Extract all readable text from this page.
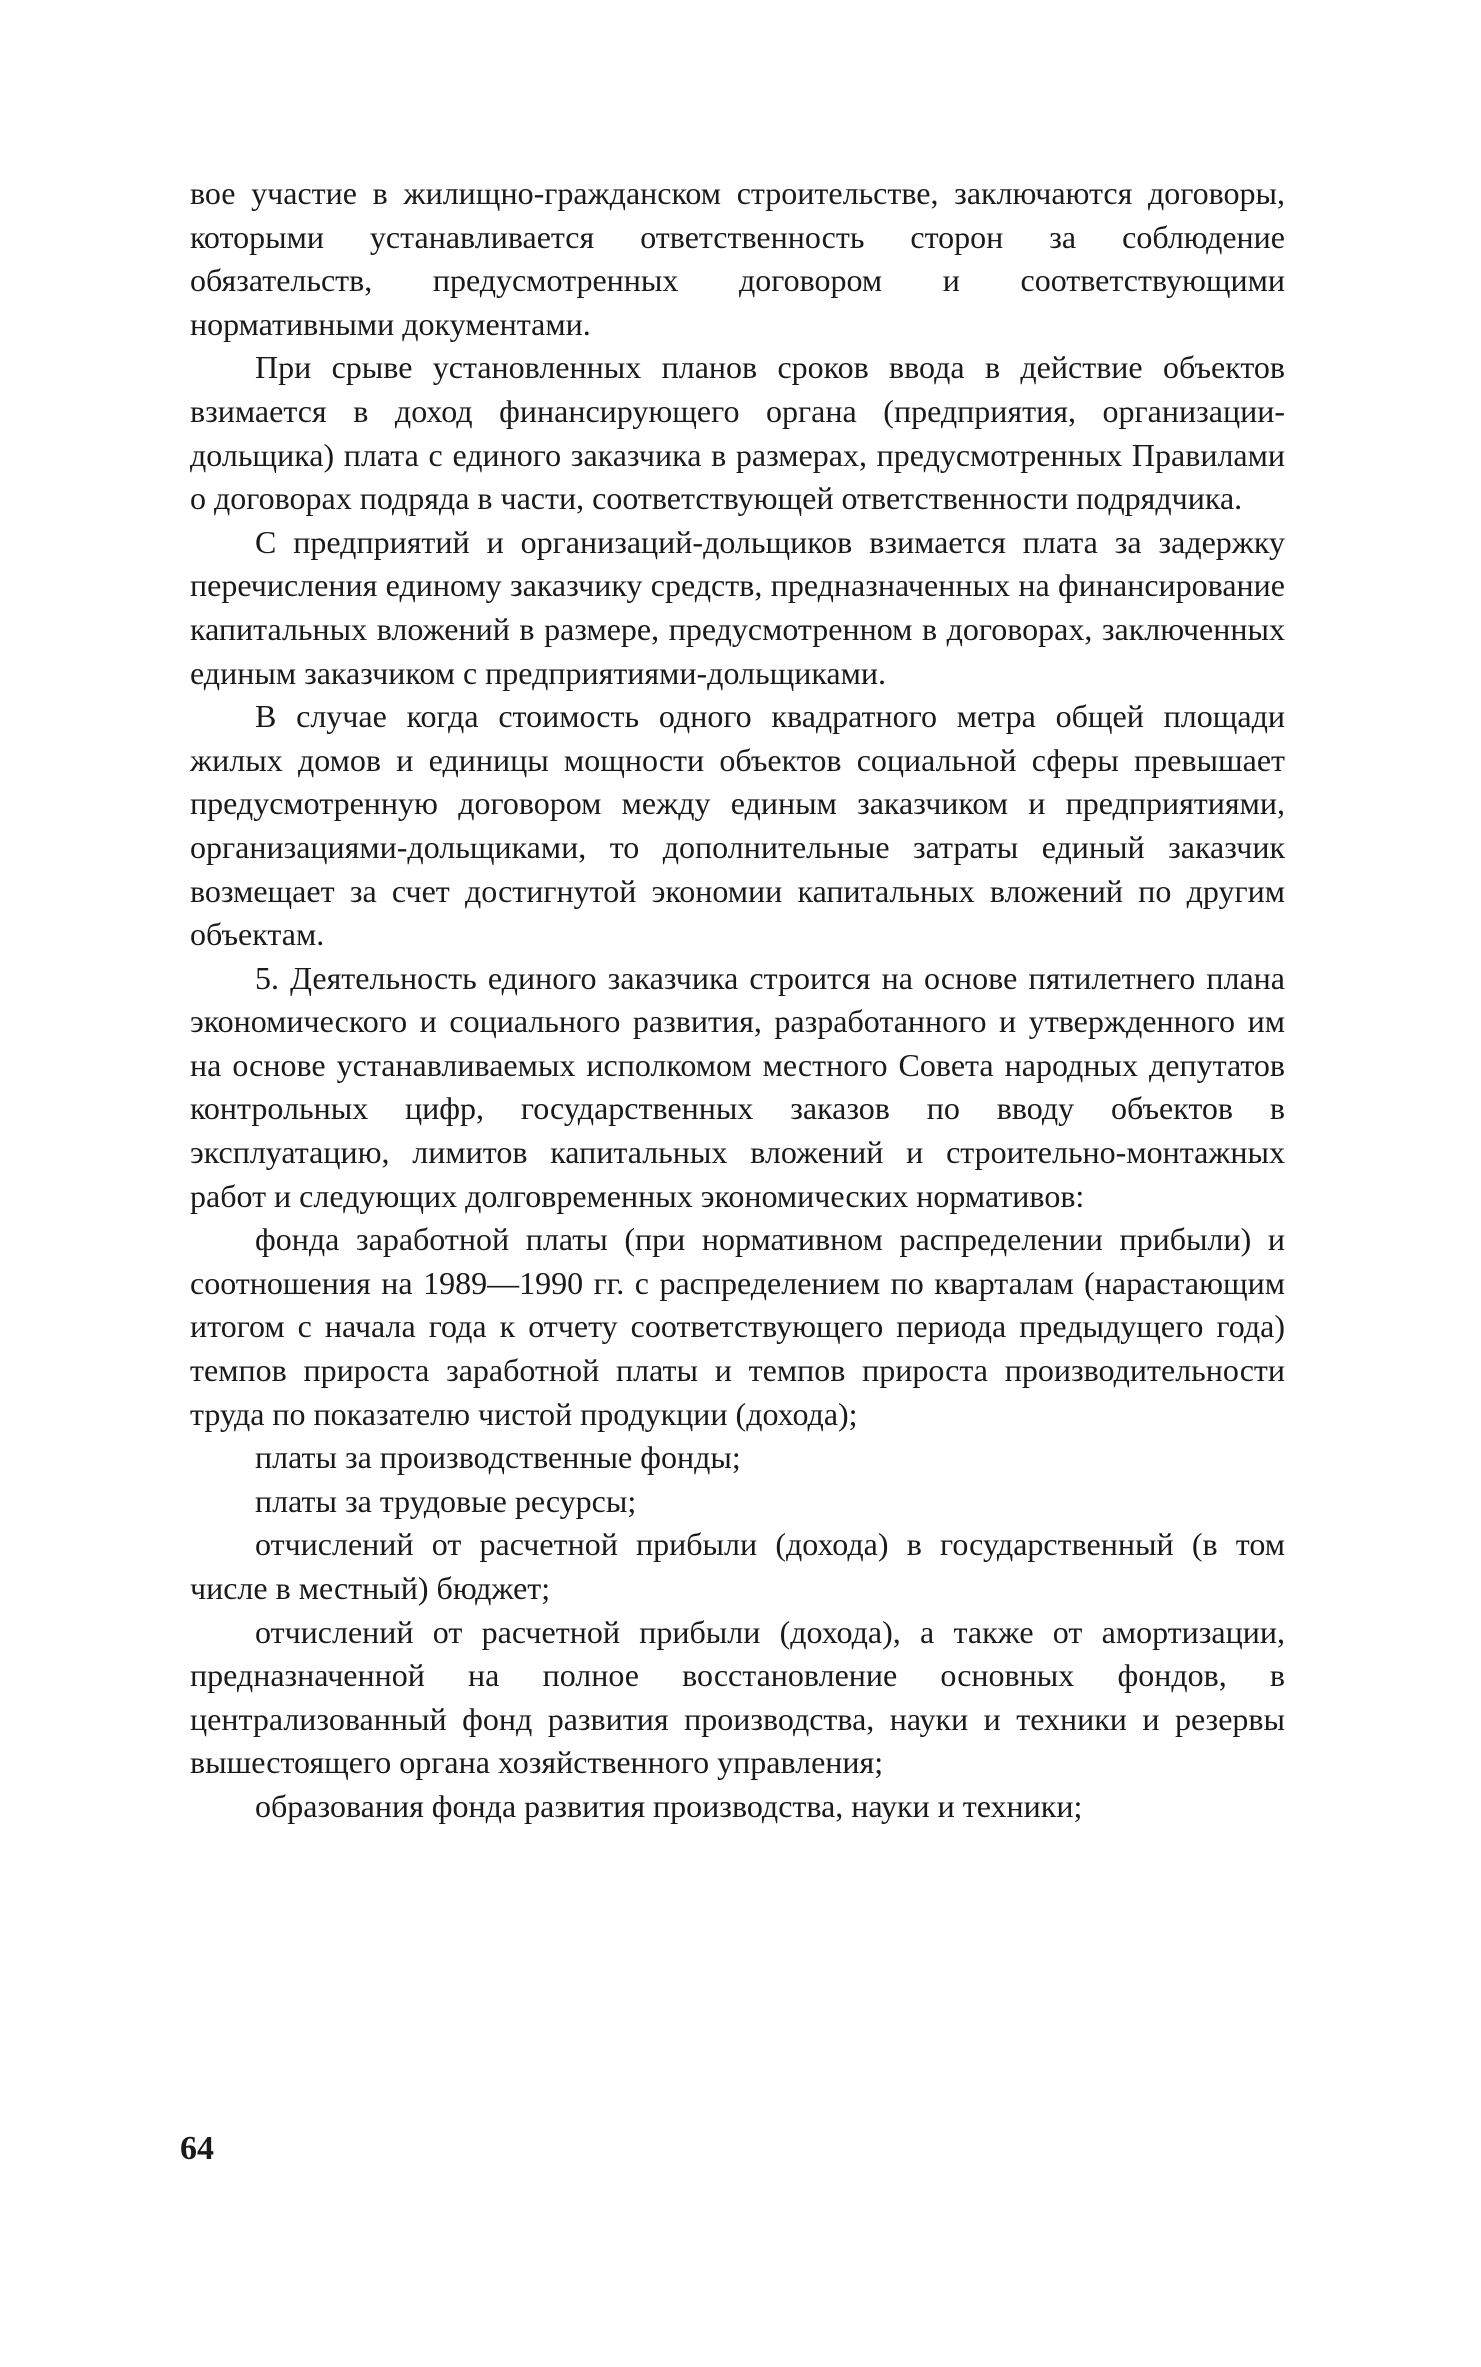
вое участие в жилищно-гражданском строительстве, заключаются договоры, которыми устанавливается ответственность сторон за соблюдение обязательств, предусмотренных договором и соответствующими нормативными документами.

При срыве установленных планов сроков ввода в действие объектов взимается в доход финансирующего органа (предприятия, организации-дольщика) плата с единого заказчика в размерах, предусмотренных Правилами о договорах подряда в части, соответствующей ответственности подрядчика.

С предприятий и организаций-дольщиков взимается плата за задержку перечисления единому заказчику средств, предназначенных на финансирование капитальных вложений в размере, предусмотренном в договорах, заключенных единым заказчиком с предприятиями-дольщиками.

В случае когда стоимость одного квадратного метра общей площади жилых домов и единицы мощности объектов социальной сферы превышает предусмотренную договором между единым заказчиком и предприятиями, организациями-дольщиками, то дополнительные затраты единый заказчик возмещает за счет достигнутой экономии капитальных вложений по другим объектам.

5. Деятельность единого заказчика строится на основе пятилетнего плана экономического и социального развития, разработанного и утвержденного им на основе устанавливаемых исполкомом местного Совета народных депутатов контрольных цифр, государственных заказов по вводу объектов в эксплуатацию, лимитов капитальных вложений и строительно-монтажных работ и следующих долговременных экономических нормативов:

фонда заработной платы (при нормативном распределении прибыли) и соотношения на 1989—1990 гг. с распределением по кварталам (нарастающим итогом с начала года к отчету соответствующего периода предыдущего года) темпов прироста заработной платы и темпов прироста производительности труда по показателю чистой продукции (дохода);

платы за производственные фонды;

платы за трудовые ресурсы;

отчислений от расчетной прибыли (дохода) в государственный (в том числе в местный) бюджет;

отчислений от расчетной прибыли (дохода), а также от амортизации, предназначенной на полное восстановление основных фондов, в централизованный фонд развития производства, науки и техники и резервы вышестоящего органа хозяйственного управления;

образования фонда развития производства, науки и техники;

64
